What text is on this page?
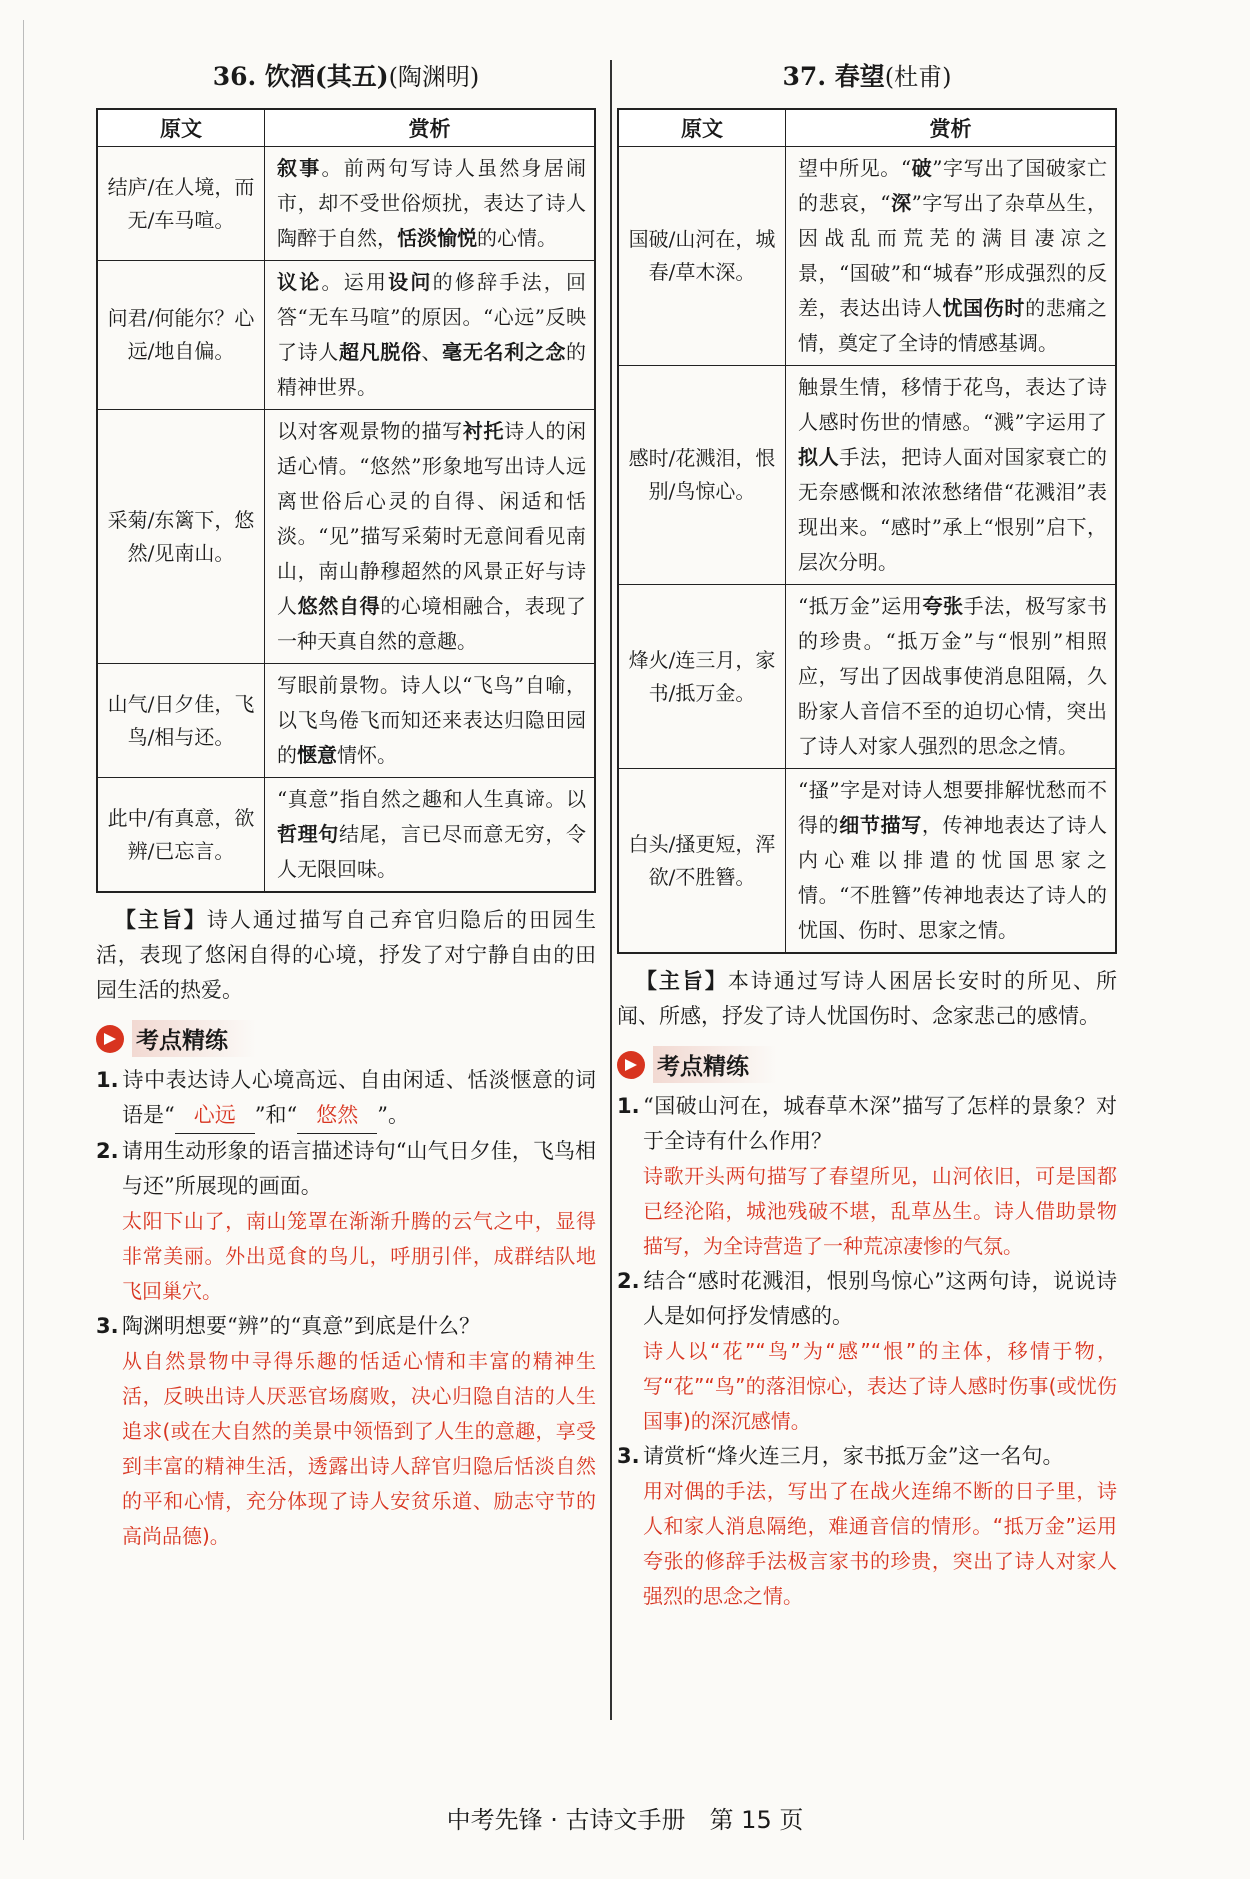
36. 饮酒(其五)(陶渊明)
原文	赏析
结庐/在人境，而无/车马喧。	叙事。前两句写诗人虽然身居闹市，却不受世俗烦扰，表达了诗人陶醉于自然，恬淡愉悦的心情。
问君/何能尔？心远/地自偏。	议论。运用设问的修辞手法，回答“无车马喧”的原因。“心远”反映了诗人超凡脱俗、毫无名利之念的精神世界。
采菊/东篱下，悠然/见南山。	以对客观景物的描写衬托诗人的闲适心情。“悠然”形象地写出诗人远离世俗后心灵的自得、闲适和恬淡。“见”描写采菊时无意间看见南山，南山静穆超然的风景正好与诗人悠然自得的心境相融合，表现了一种天真自然的意趣。
山气/日夕佳，飞鸟/相与还。	写眼前景物。诗人以“飞鸟”自喻，以飞鸟倦飞而知还来表达归隐田园的惬意情怀。
此中/有真意，欲辨/已忘言。	“真意”指自然之趣和人生真谛。以哲理句结尾，言已尽而意无穷，令人无限回味。
【主旨】诗人通过描写自己弃官归隐后的田园生活，表现了悠闲自得的心境，抒发了对宁静自由的田园生活的热爱。
考点精练
1. 诗中表达诗人心境高远、自由闲适、恬淡惬意的词语是“ 心远 ”和“ 悠然 ”。
2. 请用生动形象的语言描述诗句“山气日夕佳，飞鸟相与还”所展现的画面。
太阳下山了，南山笼罩在渐渐升腾的云气之中，显得非常美丽。外出觅食的鸟儿，呼朋引伴，成群结队地飞回巢穴。
3. 陶渊明想要“辨”的“真意”到底是什么？
从自然景物中寻得乐趣的恬适心情和丰富的精神生活，反映出诗人厌恶官场腐败，决心归隐自洁的人生追求(或在大自然的美景中领悟到了人生的意趣，享受到丰富的精神生活，透露出诗人辞官归隐后恬淡自然的平和心情，充分体现了诗人安贫乐道、励志守节的高尚品德)。
37. 春望(杜甫)
原文	赏析
国破/山河在，城春/草木深。	望中所见。“破”字写出了国破家亡的悲哀，“深”字写出了杂草丛生，因战乱而荒芜的满目凄凉之景，“国破”和“城春”形成强烈的反差，表达出诗人忧国伤时的悲痛之情，奠定了全诗的情感基调。
感时/花溅泪，恨别/鸟惊心。	触景生情，移情于花鸟，表达了诗人感时伤世的情感。“溅”字运用了拟人手法，把诗人面对国家衰亡的无奈感慨和浓浓愁绪借“花溅泪”表现出来。“感时”承上“恨别”启下，层次分明。
烽火/连三月，家书/抵万金。	“抵万金”运用夸张手法，极写家书的珍贵。“抵万金”与“恨别”相照应，写出了因战事使消息阻隔，久盼家人音信不至的迫切心情，突出了诗人对家人强烈的思念之情。
白头/搔更短，浑欲/不胜簪。	“搔”字是对诗人想要排解忧愁而不得的细节描写，传神地表达了诗人内心难以排遣的忧国思家之情。“不胜簪”传神地表达了诗人的忧国、伤时、思家之情。
【主旨】本诗通过写诗人困居长安时的所见、所闻、所感，抒发了诗人忧国伤时、念家悲己的感情。
考点精练
1. “国破山河在，城春草木深”描写了怎样的景象？对于全诗有什么作用？
诗歌开头两句描写了春望所见，山河依旧，可是国都已经沦陷，城池残破不堪，乱草丛生。诗人借助景物描写，为全诗营造了一种荒凉凄惨的气氛。
2. 结合“感时花溅泪，恨别鸟惊心”这两句诗，说说诗人是如何抒发情感的。
诗人以“花”“鸟”为“感”“恨”的主体，移情于物，写“花”“鸟”的落泪惊心，表达了诗人感时伤事(或忧伤国事)的深沉感情。
3. 请赏析“烽火连三月，家书抵万金”这一名句。
用对偶的手法，写出了在战火连绵不断的日子里，诗人和家人消息隔绝，难通音信的情形。“抵万金”运用夸张的修辞手法极言家书的珍贵，突出了诗人对家人强烈的思念之情。
中考先锋 · 古诗文手册　第 15 页
